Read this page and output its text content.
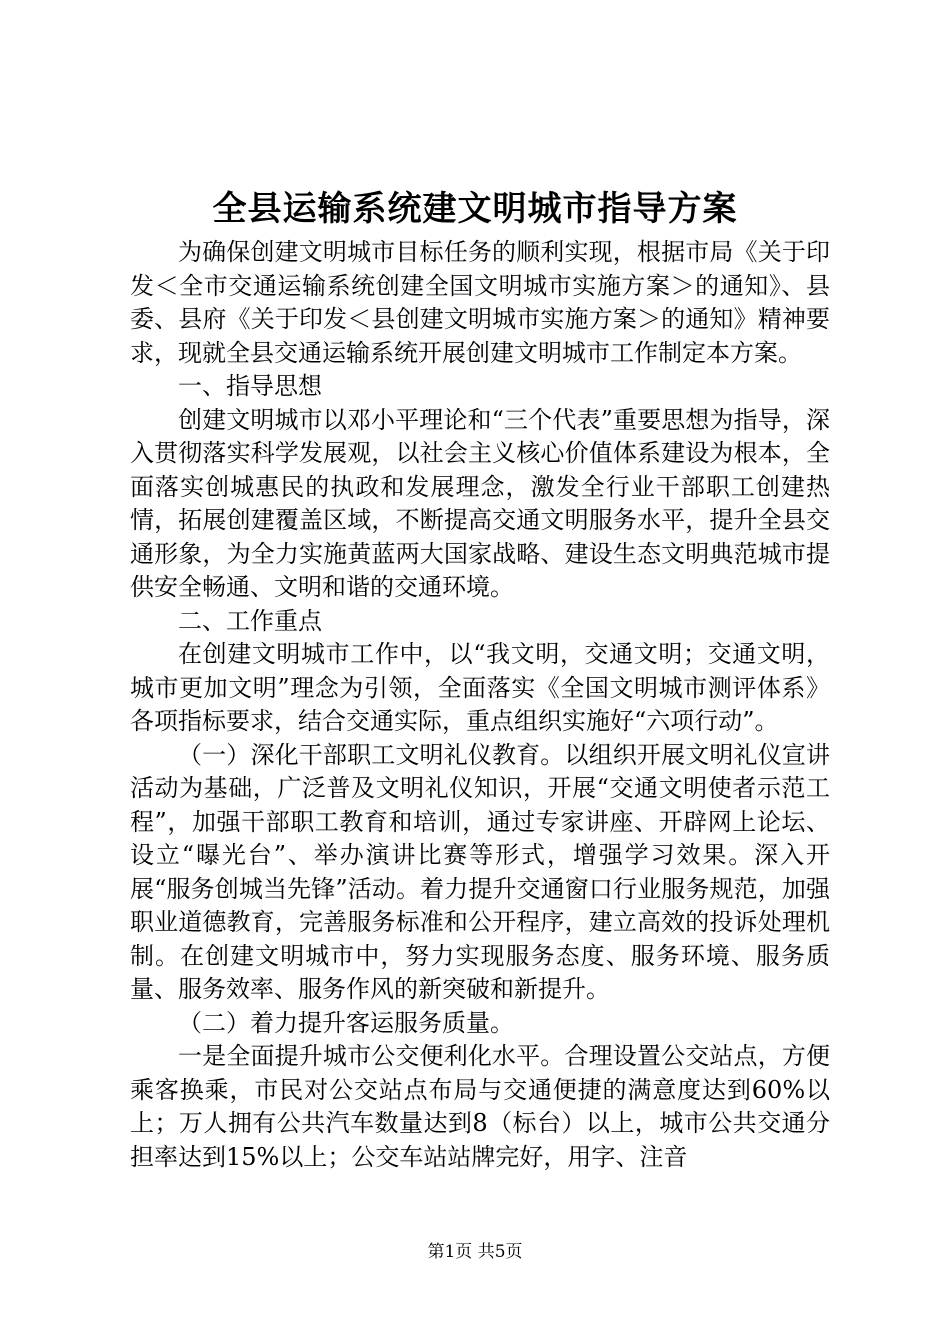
全县运输系统建文明城市指导方案

为确保创建文明城市目标任务的顺利实现，根据市局《关于印发＜全市交通运输系统创建全国文明城市实施方案＞的通知》、县委、县府《关于印发＜县创建文明城市实施方案＞的通知》精神要求，现就全县交通运输系统开展创建文明城市工作制定本方案。

一、指导思想

创建文明城市以邓小平理论和“三个代表”重要思想为指导，深入贯彻落实科学发展观，以社会主义核心价值体系建设为根本，全面落实创城惠民的执政和发展理念，激发全行业干部职工创建热情，拓展创建覆盖区域，不断提高交通文明服务水平，提升全县交通形象，为全力实施黄蓝两大国家战略、建设生态文明典范城市提供安全畅通、文明和谐的交通环境。

二、工作重点

在创建文明城市工作中，以“我文明，交通文明；交通文明，城市更加文明”理念为引领，全面落实《全国文明城市测评体系》各项指标要求，结合交通实际，重点组织实施好“六项行动”。

（一）深化干部职工文明礼仪教育。以组织开展文明礼仪宣讲活动为基础，广泛普及文明礼仪知识，开展“交通文明使者示范工程”，加强干部职工教育和培训，通过专家讲座、开辟网上论坛、设立“曝光台”、举办演讲比赛等形式，增强学习效果。深入开展“服务创城当先锋”活动。着力提升交通窗口行业服务规范，加强职业道德教育，完善服务标准和公开程序，建立高效的投诉处理机制。在创建文明城市中，努力实现服务态度、服务环境、服务质量、服务效率、服务作风的新突破和新提升。

（二）着力提升客运服务质量。

一是全面提升城市公交便利化水平。合理设置公交站点，方便乘客换乘，市民对公交站点布局与交通便捷的满意度达到60%以上；万人拥有公共汽车数量达到8（标台）以上，城市公共交通分担率达到15%以上；公交车站站牌完好，用字、注音

第1页 共5页
